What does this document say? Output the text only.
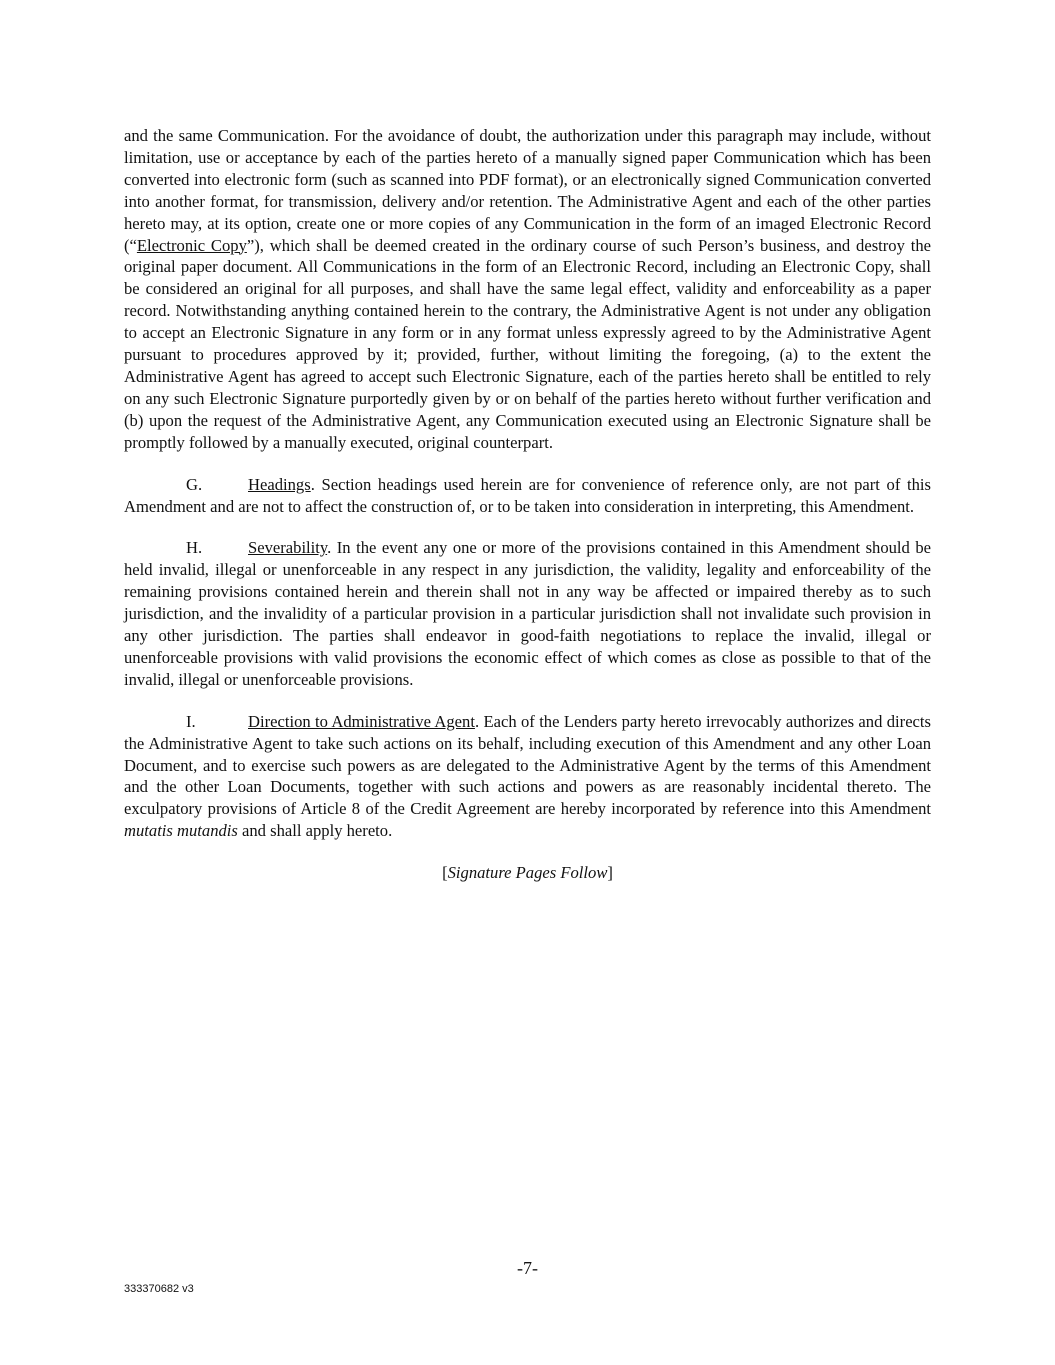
and the same Communication. For the avoidance of doubt, the authorization under this paragraph may include, without limitation, use or acceptance by each of the parties hereto of a manually signed paper Communication which has been converted into electronic form (such as scanned into PDF format), or an electronically signed Communication converted into another format, for transmission, delivery and/or retention. The Administrative Agent and each of the other parties hereto may, at its option, create one or more copies of any Communication in the form of an imaged Electronic Record (“Electronic Copy”), which shall be deemed created in the ordinary course of such Person’s business, and destroy the original paper document. All Communications in the form of an Electronic Record, including an Electronic Copy, shall be considered an original for all purposes, and shall have the same legal effect, validity and enforceability as a paper record. Notwithstanding anything contained herein to the contrary, the Administrative Agent is not under any obligation to accept an Electronic Signature in any form or in any format unless expressly agreed to by the Administrative Agent pursuant to procedures approved by it; provided, further, without limiting the foregoing, (a) to the extent the Administrative Agent has agreed to accept such Electronic Signature, each of the parties hereto shall be entitled to rely on any such Electronic Signature purportedly given by or on behalf of the parties hereto without further verification and (b) upon the request of the Administrative Agent, any Communication executed using an Electronic Signature shall be promptly followed by a manually executed, original counterpart.

G.	Headings. Section headings used herein are for convenience of reference only, are not part of this Amendment and are not to affect the construction of, or to be taken into consideration in interpreting, this Amendment.

H.	Severability. In the event any one or more of the provisions contained in this Amendment should be held invalid, illegal or unenforceable in any respect in any jurisdiction, the validity, legality and enforceability of the remaining provisions contained herein and therein shall not in any way be affected or impaired thereby as to such jurisdiction, and the invalidity of a particular provision in a particular jurisdiction shall not invalidate such provision in any other jurisdiction. The parties shall endeavor in good-faith negotiations to replace the invalid, illegal or unenforceable provisions with valid provisions the economic effect of which comes as close as possible to that of the invalid, illegal or unenforceable provisions.

I.	Direction to Administrative Agent. Each of the Lenders party hereto irrevocably authorizes and directs the Administrative Agent to take such actions on its behalf, including execution of this Amendment and any other Loan Document, and to exercise such powers as are delegated to the Administrative Agent by the terms of this Amendment and the other Loan Documents, together with such actions and powers as are reasonably incidental thereto. The exculpatory provisions of Article 8 of the Credit Agreement are hereby incorporated by reference into this Amendment mutatis mutandis and shall apply hereto.

[Signature Pages Follow]

-7-
333370682 v3
